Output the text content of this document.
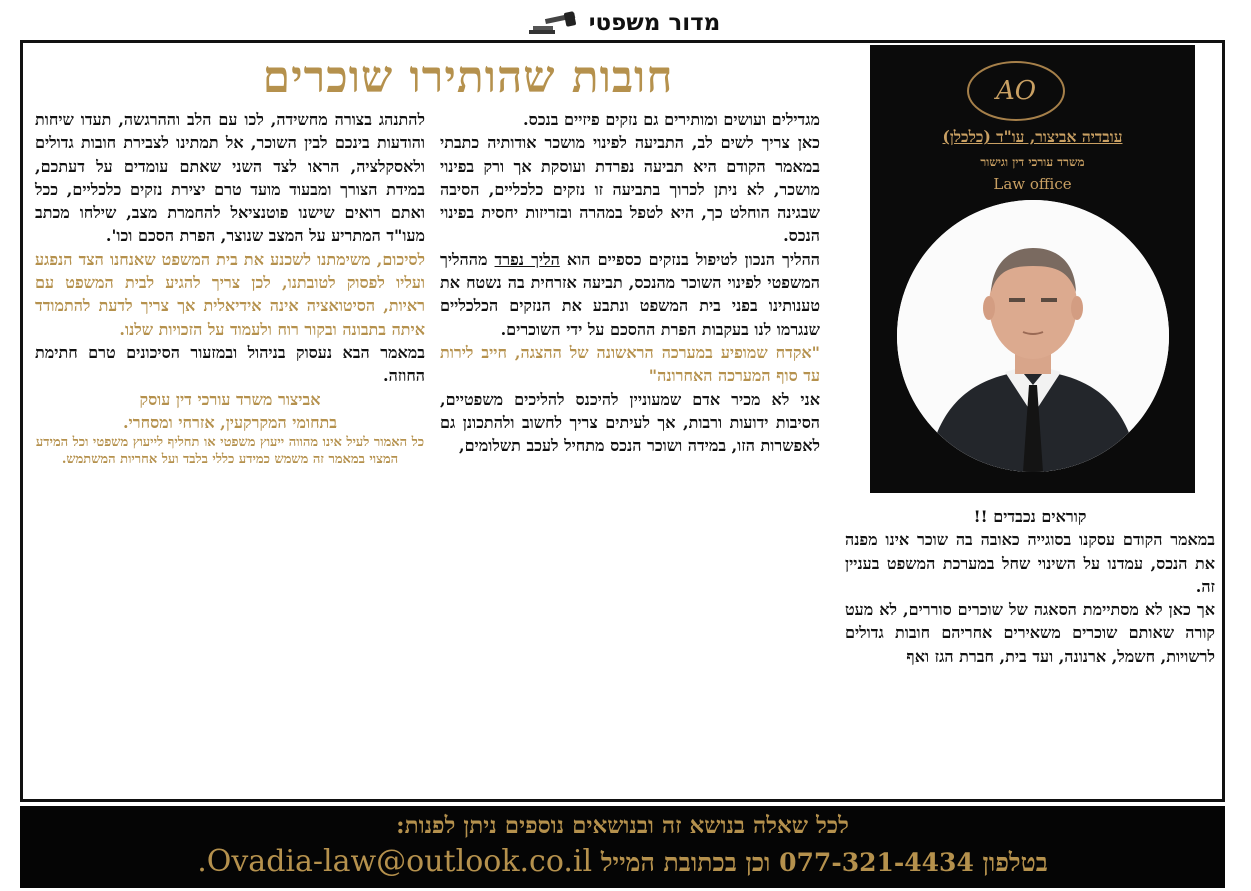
מדור משפטי
חובות שהותירו שוכרים	AO
עובדיה אביצור, עו"ד (כלכלן)
משרד עורכי דין וגישור
Law office

קוראים נכבדים !!

במאמר הקודם עסקנו בסוגייה כאובה בה שוכר אינו מפנה את הנכס, עמדנו על השינוי שחל במערכת המשפט בעניין זה.

אך כאן לא מסתיימת הסאגה של שוכרים סוררים, לא מעט קורה שאותם שוכרים משאירים אחריהם חובות גדולים לרשויות, חשמל, ארנונה, ועד בית, חברת הגז ואף

מגדילים ועושים ומותירים גם נזקים פיזיים בנכס.

כאן צריך לשים לב, התביעה לפינוי מושכר אודותיה כתבתי במאמר הקודם היא תביעה נפרדת ועוסקת אך ורק בפינוי מושכר, לא ניתן לכרוך בתביעה זו נזקים כלכליים, הסיבה שבגינה הוחלט כך, היא לטפל במהרה ובזריזות יחסית בפינוי הנכס.

ההליך הנכון לטיפול בנזקים כספיים הוא הליך נפרד מההליך המשפטי לפינוי השוכר מהנכס, תביעה אזרחית בה נשטח את טענותינו בפני בית המשפט ונתבע את הנזקים הכלכליים שנגרמו לנו בעקבות הפרת ההסכם על ידי השוכרים.

"אקדח שמופיע במערכה הראשונה של ההצגה, חייב לירות עד סוף המערכה האחרונה"

אני לא מכיר אדם שמעוניין להיכנס להליכים משפטיים, הסיבות ידועות ורבות, אך לעיתים צריך לחשוב ולהתכונן גם לאפשרות הזו, במידה ושוכר הנכס מתחיל לעכב תשלומים,

להתנהג בצורה מחשידה, לכו עם הלב וההרגשה, תעדו שיחות והודעות בינכם לבין השוכר, אל תמתינו לצבירת חובות גדולים ולאסקלציה, הראו לצד השני שאתם עומדים על דעתכם, במידת הצורך ומבעוד מועד טרם יצירת נזקים כלכליים, ככל ואתם רואים שישנו פוטנציאל להחמרת מצב, שילחו מכתב מעו"ד המתריע על המצב שנוצר, הפרת הסכם וכו'.

לסיכום, משימתנו לשכנע את בית המשפט שאנחנו הצד הנפגע ועליו לפסוק לטובתנו, לכן צריך להגיע לבית המשפט עם ראיות, הסיטואציה אינה אידיאלית אך צריך לדעת להתמודד איתה בתבונה ובקור רוח ולעמוד על הזכויות שלנו.

במאמר הבא נעסוק בניהול ובמזעור הסיכונים טרם חתימת החוזה.

אביצור משרד עורכי דין עוסק

בתחומי המקרקעין, אזרחי ומסחרי.

כל האמור לעיל אינו מהווה ייעוץ משפטי או תחליף לייעוץ משפטי וכל המידע המצוי במאמר זה משמש כמידע כללי בלבד ועל אחריות המשתמש.

לכל שאלה בנושא זה ובנושאים נוספים ניתן לפנות:
בטלפון 077-321-4434 וכן בכתובת המייל Ovadia-law@outlook.co.il.
